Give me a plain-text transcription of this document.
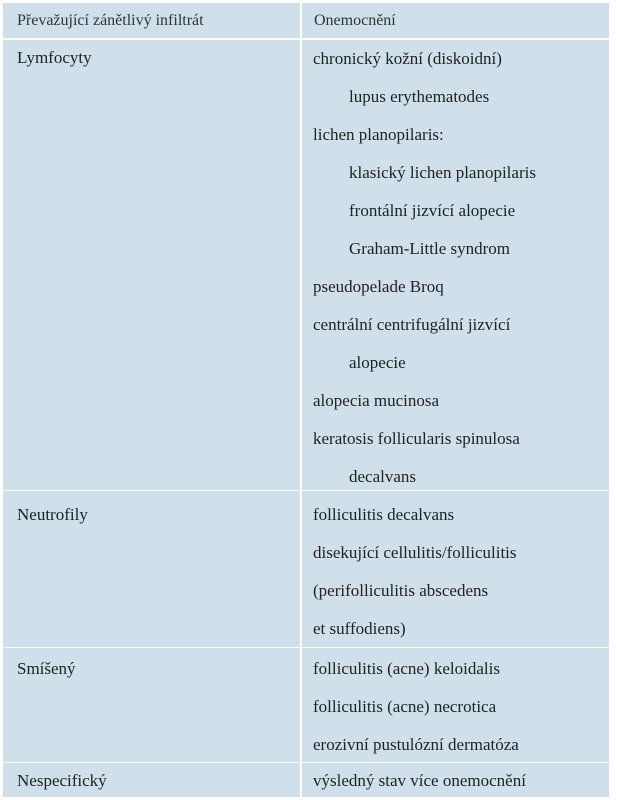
Převažující zánětlivý infiltrát	Onemocnění
Lymfocyty	chronický kožní (diskoidní)
lupus erythematodes
lichen planopilaris:
klasický lichen planopilaris
frontální jizvící alopecie
Graham-Little syndrom
pseudopelade Broq
centrální centrifugální jizvící
alopecie
alopecia mucinosa
keratosis follicularis spinulosa
decalvans
Neutrofily	folliculitis decalvans
disekující cellulitis/folliculitis
(perifolliculitis abscedens
et suffodiens)
Smíšený	folliculitis (acne) keloidalis
folliculitis (acne) necrotica
erozivní pustulózní dermatóza
Nespecifický	výsledný stav více onemocnění
